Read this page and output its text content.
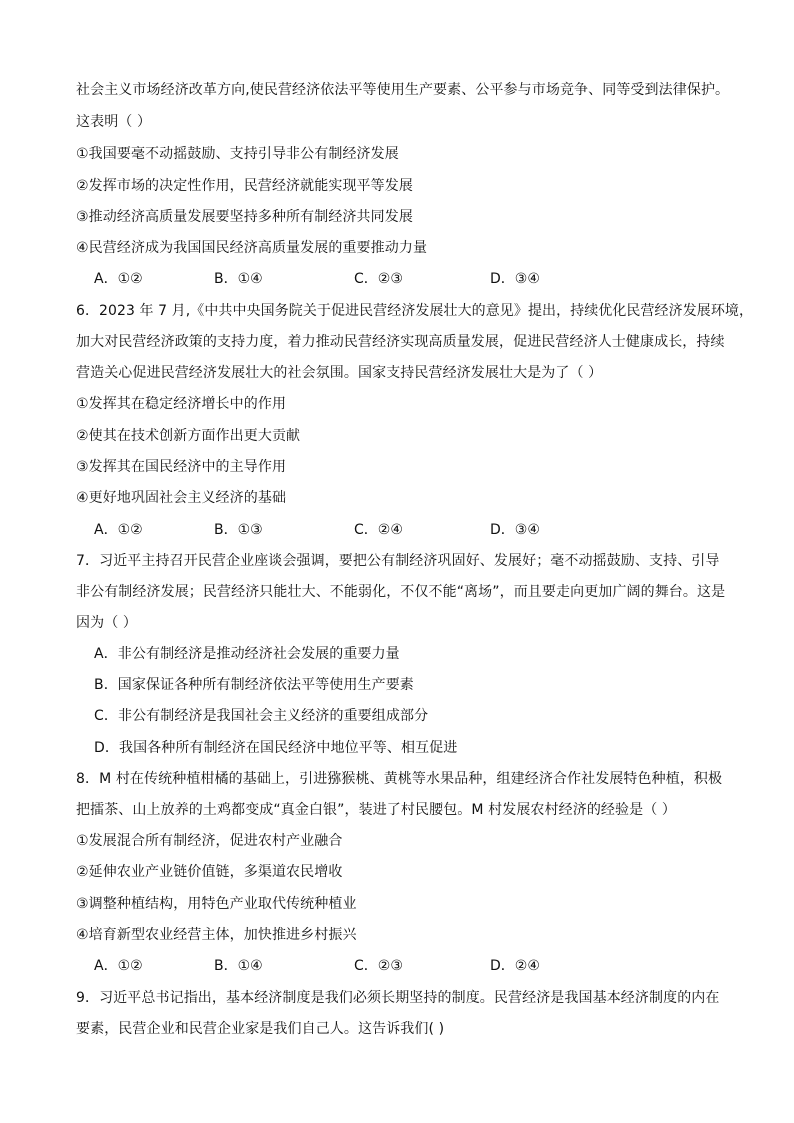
社会主义市场经济改革方向,使民营经济依法平等使用生产要素、公平参与市场竞争、同等受到法律保护。
这表明（ ）
①我国要毫不动摇鼓励、支持引导非公有制经济发展
②发挥市场的决定性作用，民营经济就能实现平等发展
③推动经济高质量发展要坚持多种所有制经济共同发展
④民营经济成为我国国民经济高质量发展的重要推动力量
A．①②	B．①④	C．②③	D．③④
6．2023 年 7 月,《中共中央国务院关于促进民营经济发展壮大的意见》提出，持续优化民营经济发展环境，
加大对民营经济政策的支持力度，着力推动民营经济实现高质量发展，促进民营经济人士健康成长，持续
营造关心促进民营经济发展壮大的社会氛围。国家支持民营经济发展壮大是为了（ ）
①发挥其在稳定经济增长中的作用
②使其在技术创新方面作出更大贡献
③发挥其在国民经济中的主导作用
④更好地巩固社会主义经济的基础
A．①②	B．①③	C．②④	D．③④
7．习近平主持召开民营企业座谈会强调，要把公有制经济巩固好、发展好；毫不动摇鼓励、支持、引导
非公有制经济发展；民营经济只能壮大、不能弱化，不仅不能“离场”，而且要走向更加广阔的舞台。这是
因为（ ）
A．非公有制经济是推动经济社会发展的重要力量
B．国家保证各种所有制经济依法平等使用生产要素
C．非公有制经济是我国社会主义经济的重要组成部分
D．我国各种所有制经济在国民经济中地位平等、相互促进
8．M 村在传统种植柑橘的基础上，引进猕猴桃、黄桃等水果品种，组建经济合作社发展特色种植，积极
把擂茶、山上放养的土鸡都变成“真金白银”，装进了村民腰包。M 村发展农村经济的经验是（ ）
①发展混合所有制经济，促进农村产业融合
②延伸农业产业链价值链，多渠道农民增收
③调整种植结构，用特色产业取代传统种植业
④培育新型农业经营主体，加快推进乡村振兴
A．①②	B．①④	C．②③	D．②④
9．习近平总书记指出，基本经济制度是我们必须长期坚持的制度。民营经济是我国基本经济制度的内在
要素，民营企业和民营企业家是我们自己人。这告诉我们( )
